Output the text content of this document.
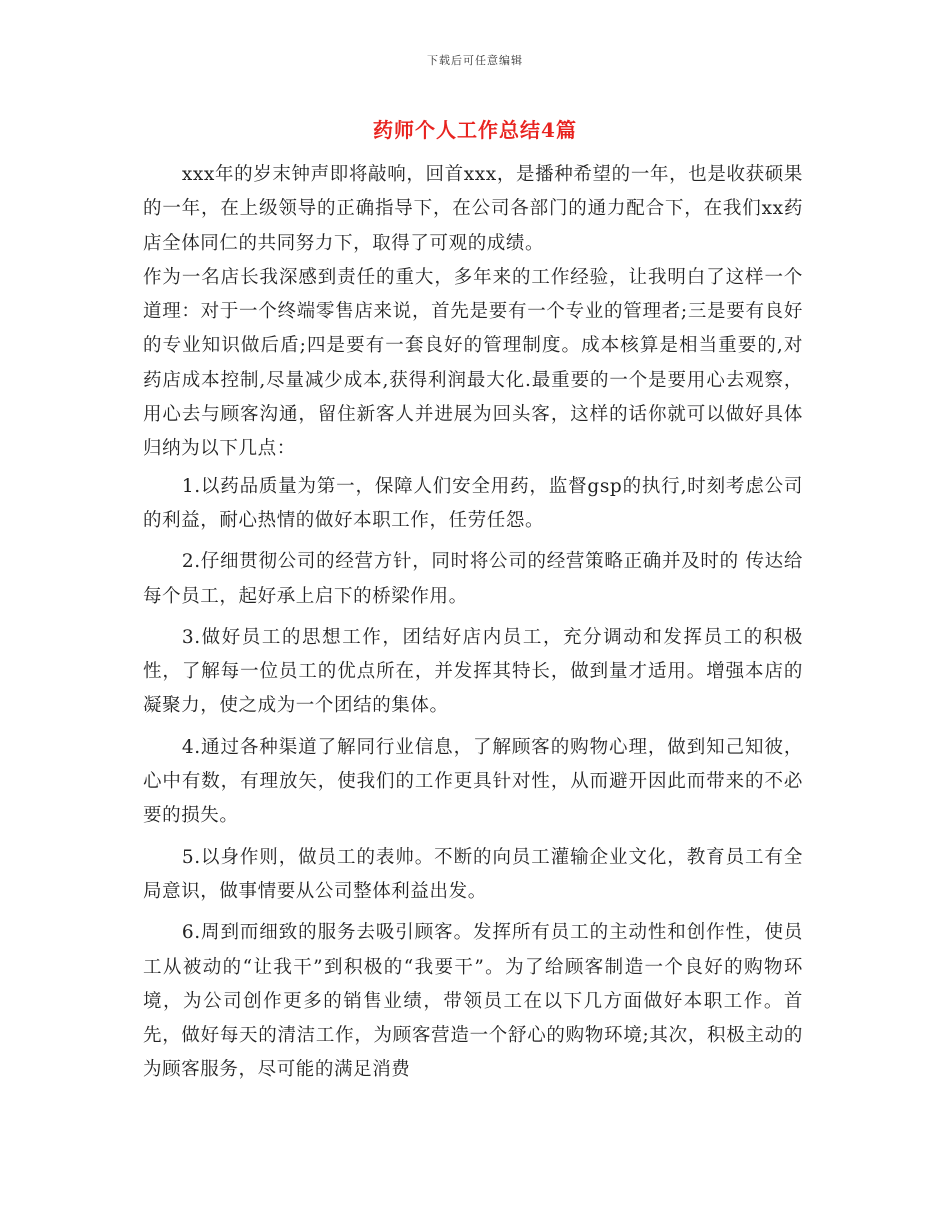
下载后可任意编辑
药师个人工作总结4篇

xxx年的岁末钟声即将敲响，回首xxx，是播种希望的一年，也是收获硕果的一年，在上级领导的正确指导下，在公司各部门的通力配合下，在我们xx药店全体同仁的共同努力下，取得了可观的成绩。

作为一名店长我深感到责任的重大，多年来的工作经验，让我明白了这样一个道理：对于一个终端零售店来说，首先是要有一个专业的管理者;三是要有良好的专业知识做后盾;四是要有一套良好的管理制度。成本核算是相当重要的,对药店成本控制,尽量减少成本,获得利润最大化.最重要的一个是要用心去观察，用心去与顾客沟通，留住新客人并进展为回头客，这样的话你就可以做好具体归纳为以下几点：

1.以药品质量为第一，保障人们安全用药，监督gsp的执行,时刻考虑公司的利益，耐心热情的做好本职工作，任劳任怨。

2.仔细贯彻公司的经营方针，同时将公司的经营策略正确并及时的 传达给每个员工，起好承上启下的桥梁作用。

3.做好员工的思想工作，团结好店内员工，充分调动和发挥员工的积极性，了解每一位员工的优点所在，并发挥其特长，做到量才适用。增强本店的凝聚力，使之成为一个团结的集体。

4.通过各种渠道了解同行业信息，了解顾客的购物心理，做到知己知彼，心中有数，有理放矢，使我们的工作更具针对性，从而避开因此而带来的不必要的损失。

5.以身作则，做员工的表帅。不断的向员工灌输企业文化，教育员工有全局意识，做事情要从公司整体利益出发。

6.周到而细致的服务去吸引顾客。发挥所有员工的主动性和创作性，使员工从被动的“让我干”到积极的“我要干”。为了给顾客制造一个良好的购物环境，为公司创作更多的销售业绩，带领员工在以下几方面做好本职工作。首先，做好每天的清洁工作，为顾客营造一个舒心的购物环境;其次，积极主动的为顾客服务，尽可能的满足消费
